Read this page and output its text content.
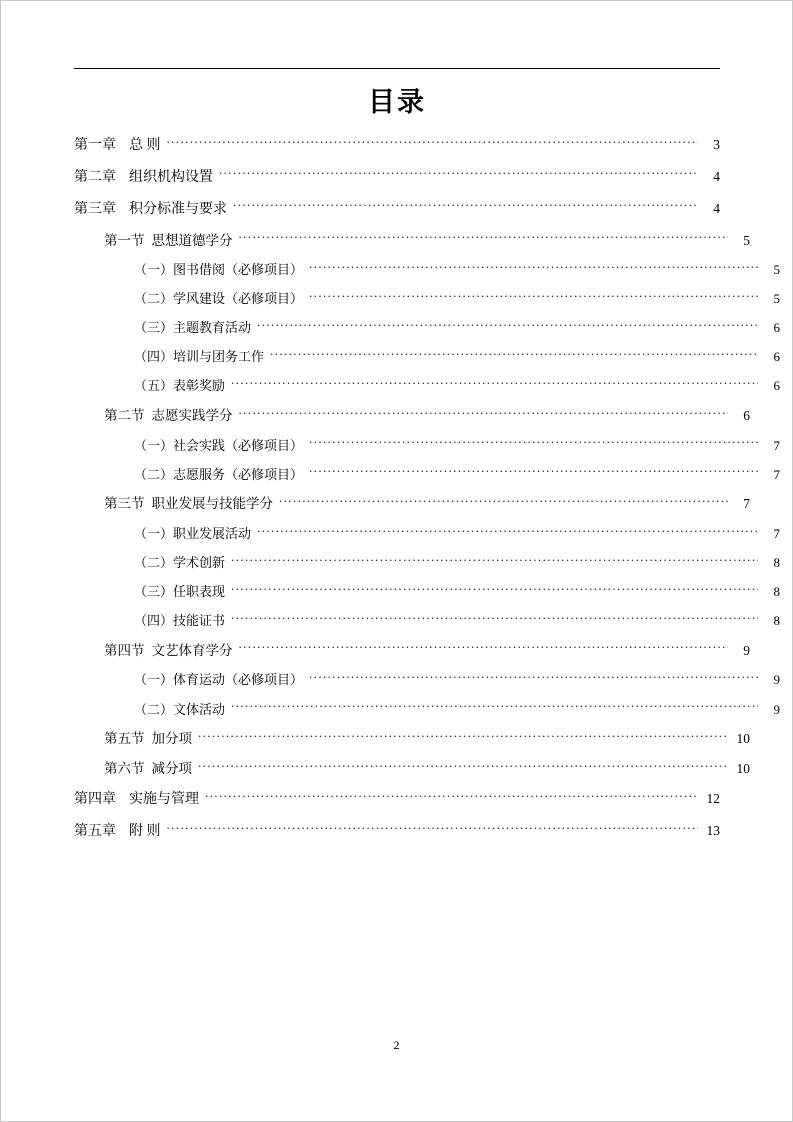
目录
第一章 总 则 .....	3
第二章 组织机构设置 .....	4
第三章 积分标准与要求 .....	4
第一节 思想道德学分 .....	5
（一）图书借阅（必修项目） .....	5
（二）学风建设（必修项目） .....	5
（三）主题教育活动 .....	6
（四）培训与团务工作 .....	6
（五）表彰奖励 .....	6
第二节 志愿实践学分 .....	6
（一）社会实践（必修项目） .....	7
（二）志愿服务（必修项目） .....	7
第三节 职业发展与技能学分 .....	7
（一）职业发展活动 .....	7
（二）学术创新 .....	8
（三）任职表现 .....	8
（四）技能证书 .....	8
第四节 文艺体育学分 .....	9
（一）体育运动（必修项目） .....	9
（二）文体活动 .....	9
第五节 加分项 .....	10
第六节 减分项 .....	10
第四章 实施与管理 .....	12
第五章 附 则 .....	13
2
